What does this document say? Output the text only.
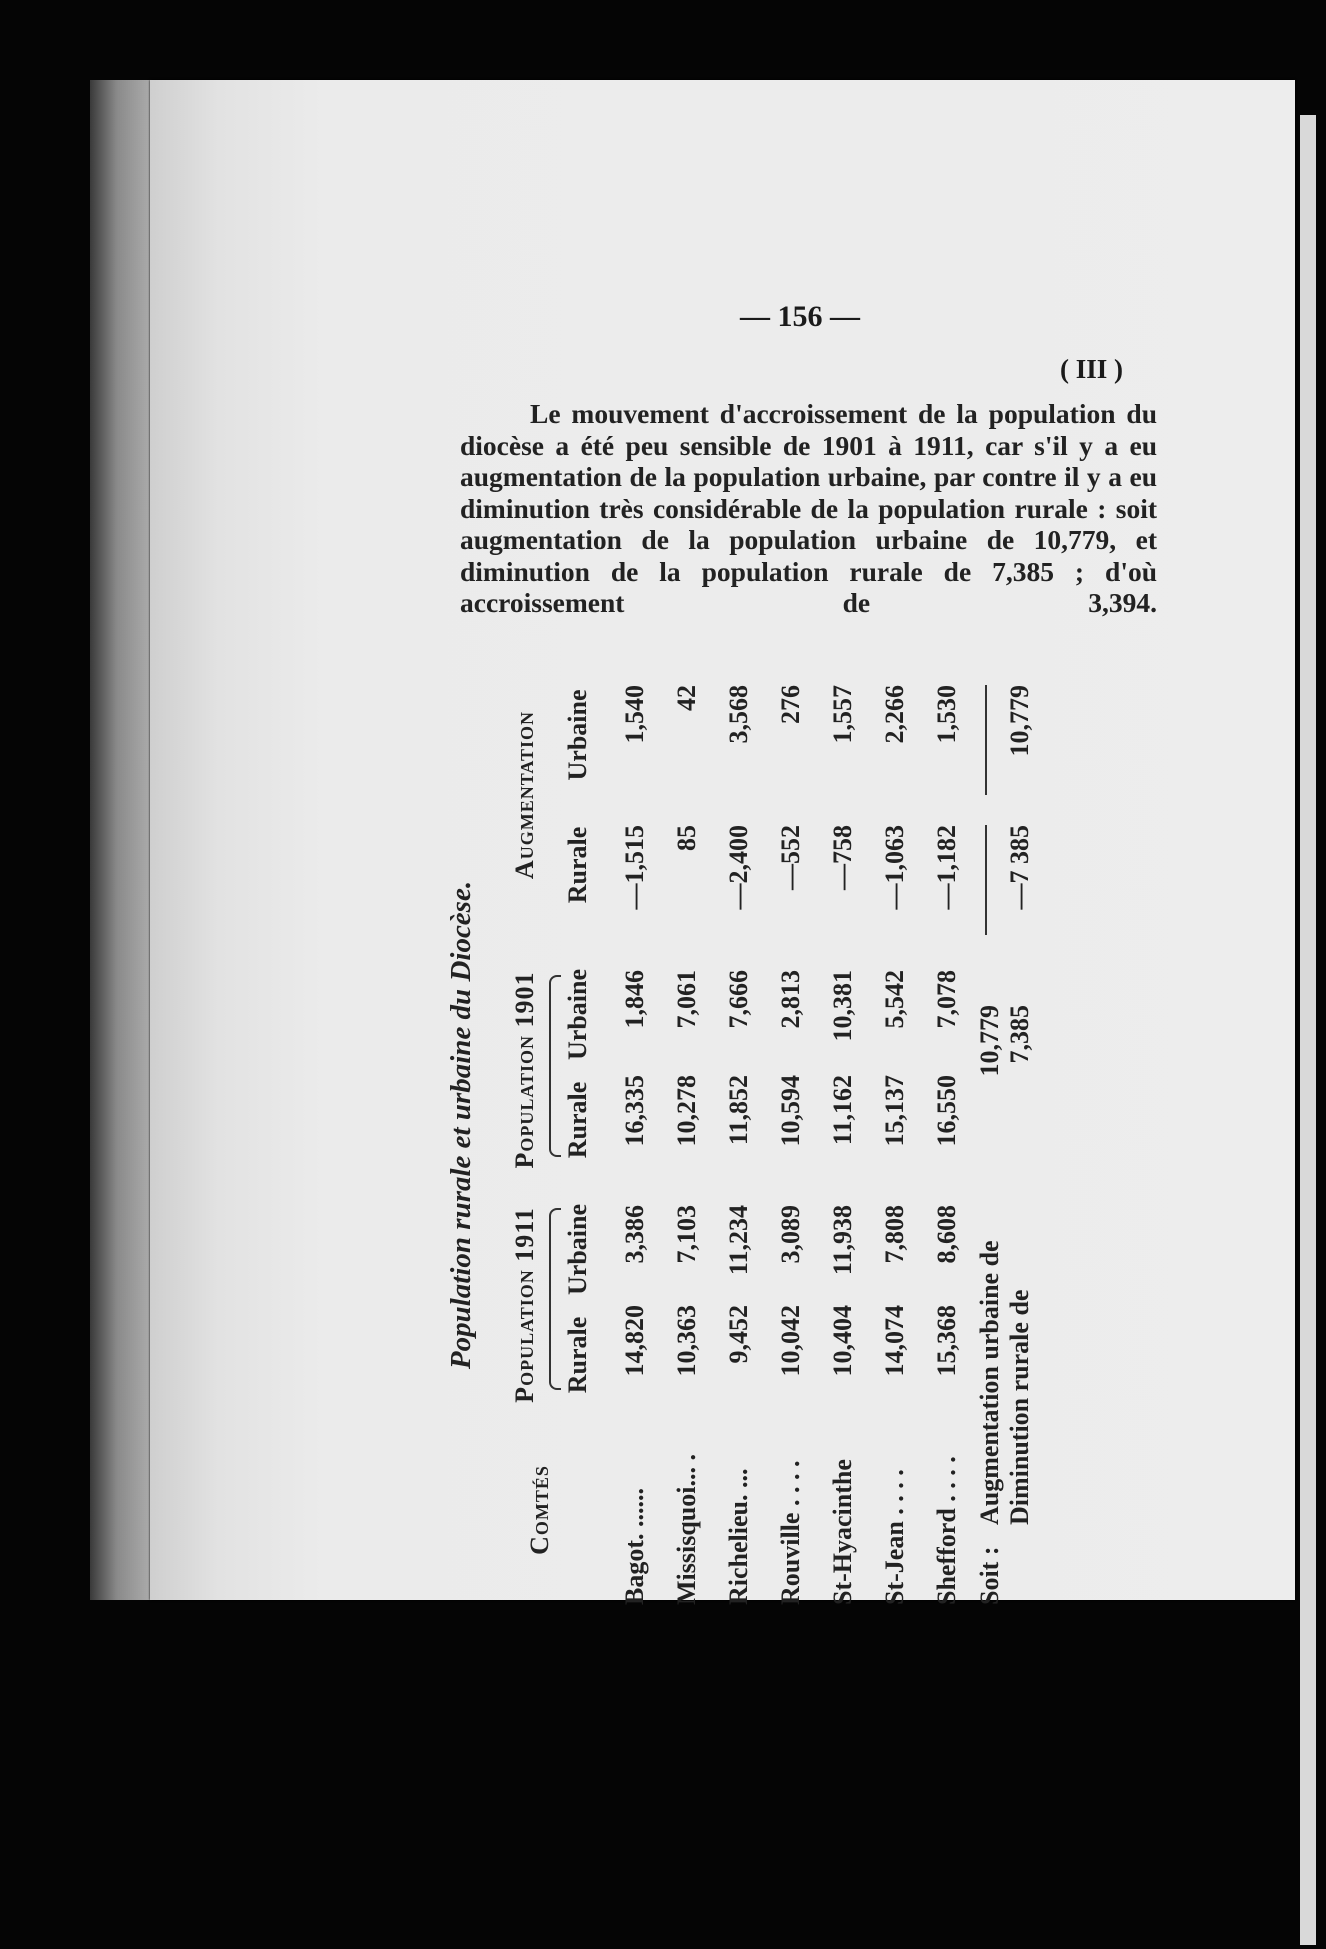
— 156 —
( III )

Le mouvement d'accroissement de la population du diocèse a été peu sensible de 1901 à 1911, car s'il y a eu augmentation de la population urbaine, par contre il y a eu diminution très considérable de la population rurale : soit augmentation de la population urbaine de 10,779, et diminution de la population rurale de 7,385 ; d'où accroissement de 3,394.

Population rurale et urbaine du Diocèse.
Comtés
Population 1911
Population 1901
Augmentation
Rurale
Urbaine
Rurale
Urbaine
Rurale
Urbaine
Bagot. ......
14,820
3,386
16,335
1,846
—1,515
1,540
Missisquoi... .
10,363
7,103
10,278
7,061
85
42
Richelieu. ...
9,452
11,234
11,852
7,666
—2,400
3,568
Rouville . . . .
10,042
3,089
10,594
2,813
—552
276
St-Hyacinthe
10,404
11,938
11,162
10,381
—758
1,557
St-Jean . . . .
14,074
7,808
15,137
5,542
—1,063
2,266
Shefford . . . .
15,368
8,608
16,550
7,078
—1,182
1,530
Soit :
Augmentation urbaine de
10,779
Diminution rurale de
7,385
—7 385
10,779
